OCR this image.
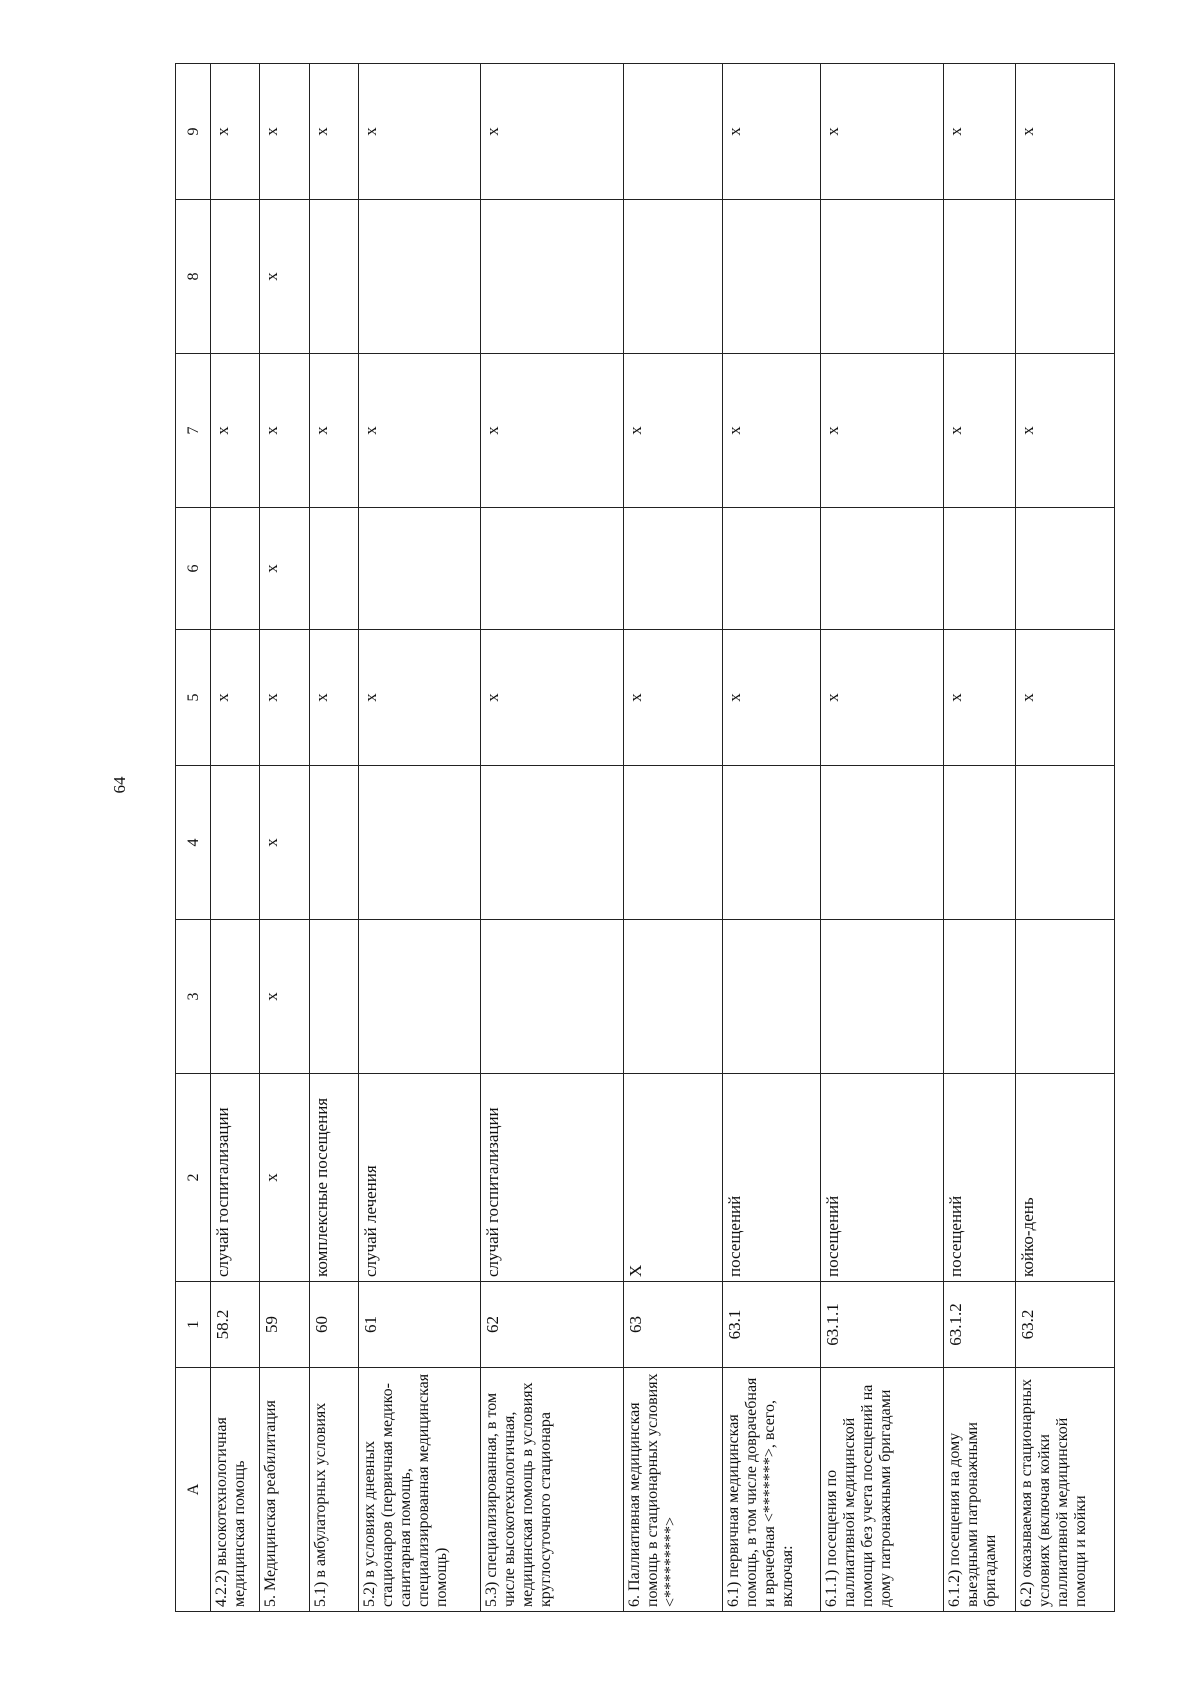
64
А	1	2	3	4	5	6	7	8	9
4.2.2) высокотехнологичная медицинская помощь	58.2	случай госпитализации			х		х		х
5. Медицинская реабилитация	59	х	х	х	х	х	х	х	х
5.1) в амбулаторных условиях	60	комплексные посещения			х		х		х
5.2) в условиях дневных стационаров (первичная медико-санитарная помощь, специализированная медицинская помощь)	61	случай лечения			х		х		х
5.3) специализированная, в том числе высокотехнологичная, медицинская помощь в условиях круглосуточного стационара	62	случай госпитализации			х		х		х
6. Паллиативная медицинская помощь в стационарных условиях <*********>	63	Х			х		х		
6.1) первичная медицинская помощь, в том числе доврачебная и врачебная <*******>, всего, включая:	63.1	посещений			х		х		х
6.1.1) посещения по паллиативной медицинской помощи без учета посещений на дому патронажными бригадами	63.1.1	посещений			х		х		х
6.1.2) посещения на дому выездными патронажными бригадами	63.1.2	посещений			х		х		х
6.2) оказываемая в стационарных условиях (включая койки паллиативной медицинской помощи и койки	63.2	койко-день			х		х		х
